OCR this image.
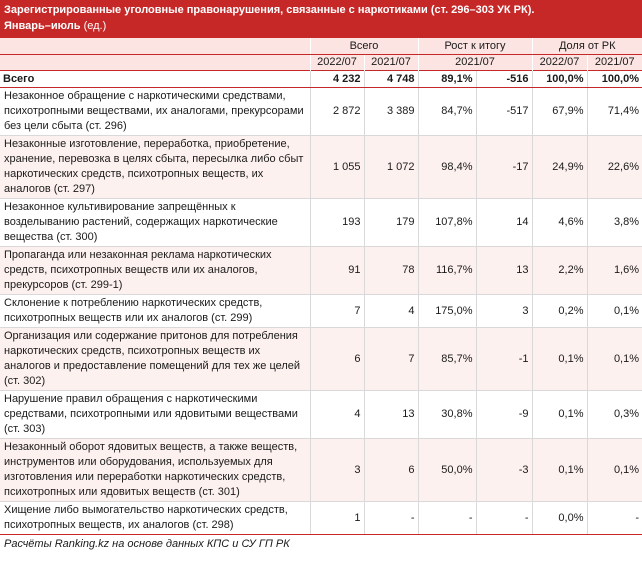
Зарегистрированные уголовные правонарушения, связанные с наркотиками (ст. 296–303 УК РК).
Январь–июль (ед.)
	Всего		Рост к итогу		Доля от РК	
	2022/07	2021/07	2021/07		2022/07	2021/07
Всего	4 232	4 748	89,1%	-516	100,0%	100,0%
Незаконное обращение с наркотическими средствами, психотропными веществами, их аналогами, прекурсорами без цели сбыта (ст. 296)	2 872	3 389	84,7%	-517	67,9%	71,4%
Незаконные изготовление, переработка, приобретение, хранение, перевозка в целях сбыта, пересылка либо сбыт наркотических средств, психотропных веществ, их аналогов (ст. 297)	1 055	1 072	98,4%	-17	24,9%	22,6%
Незаконное культивирование запрещённых к возделыванию растений, содержащих наркотические вещества (ст. 300)	193	179	107,8%	14	4,6%	3,8%
Пропаганда или незаконная реклама наркотических средств, психотропных веществ или их аналогов, прекурсоров (ст. 299-1)	91	78	116,7%	13	2,2%	1,6%
Склонение к потреблению наркотических средств, психотропных веществ или их аналогов (ст. 299)	7	4	175,0%	3	0,2%	0,1%
Организация или содержание притонов для потребления наркотических средств, психотропных веществ их аналогов и предоставление помещений для тех же целей (ст. 302)	6	7	85,7%	-1	0,1%	0,1%
Нарушение правил обращения с наркотическими средствами, психотропными или ядовитыми веществами (ст. 303)	4	13	30,8%	-9	0,1%	0,3%
Незаконный оборот ядовитых веществ, а также веществ, инструментов или оборудования, используемых для изготовления или переработки наркотических средств, психотропных или ядовитых веществ (ст. 301)	3	6	50,0%	-3	0,1%	0,1%
Хищение либо вымогательство наркотических средств, психотропных веществ, их аналогов (ст. 298)	1	-	-	-	0,0%	-
Расчёты Ranking.kz на основе данных КПС и СУ ГП РК
